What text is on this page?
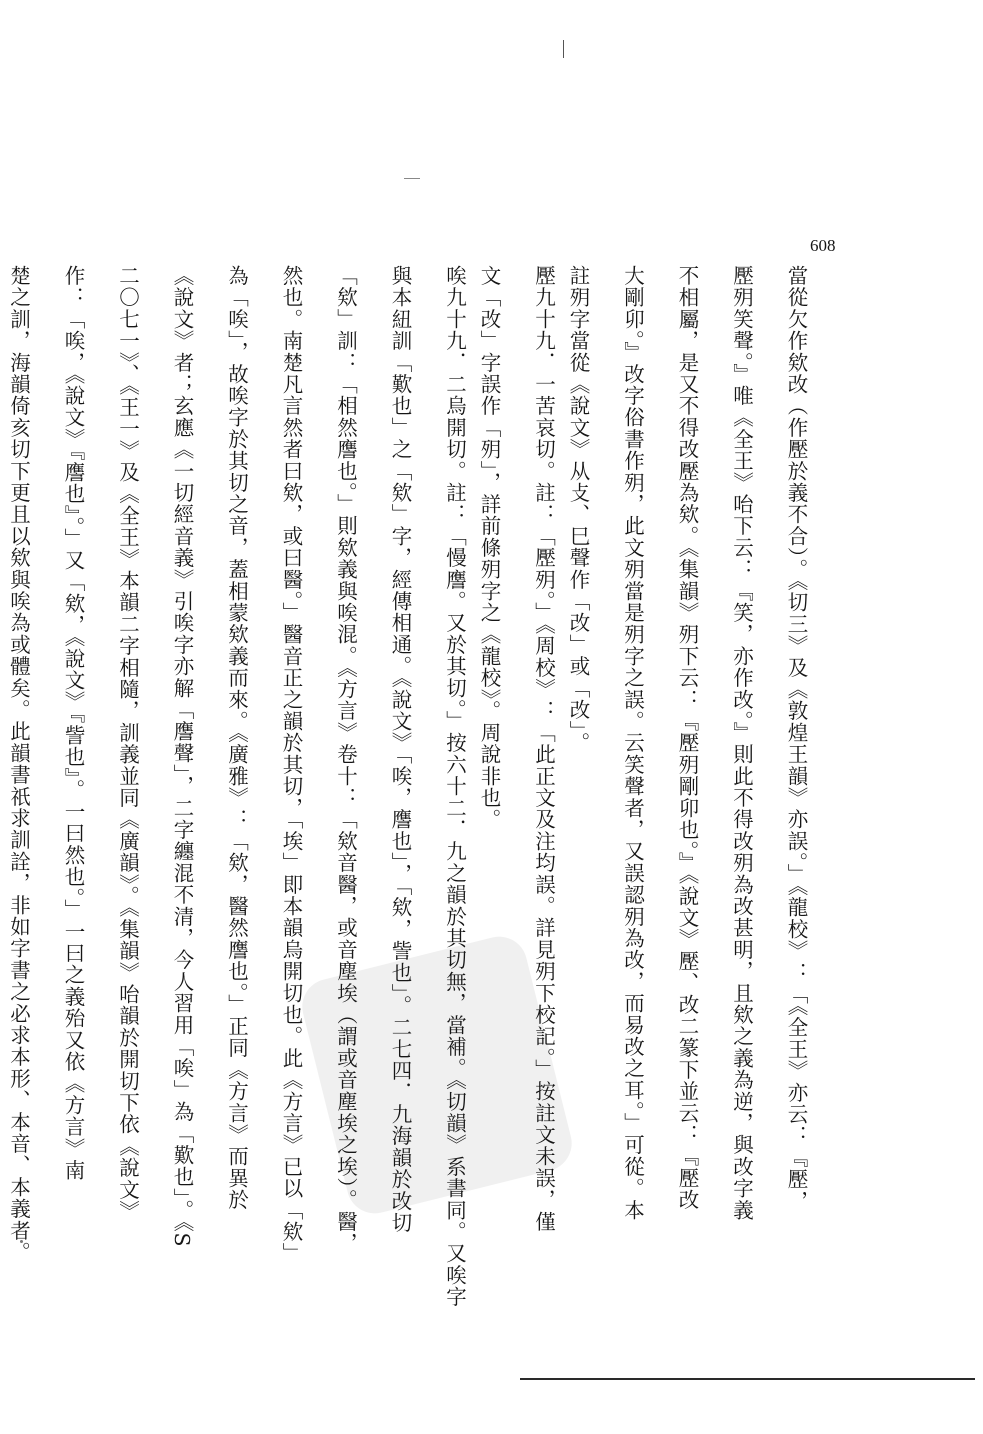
608

當從欠作欸改（作㱘於義不合）。《切三》及《敦煌王韻》亦誤。」《龍校》：「《全王》亦云：『㱘，

㱘㱚笑聲。』唯《全王》咍下云：『笑，亦作改。』則此不得改㱚為改甚明，且欸之義為逆，與改字義

不相屬，是又不得改㱘為欸。《集韻》㱚下云：『㱘㱚剛卯也。』《說文》㱘、改二篆下並云：『㱘改

大剛卯。』改字俗書作㱚，此文㱚當是㱚字之誤。云笑聲者，又誤認㱚為改，而易改之耳。」可從。本

註㱚字當從《說文》从攴、巳聲作「改」或「改」。

㱘九十九．一苦哀切。註：「㱘㱚。」《周校》：「此正文及注均誤。詳見㱚下校記。」按註文未誤，僅

文「改」字誤作「㱚」，詳前條㱚字之《龍校》。周說非也。

唉九十九．二烏開切。註：「慢譍。又於其切。」按六十二．九之韻於其切無，當補。《切韻》系書同。又唉字

與本紐訓「歎也」之「欸」字，經傳相通。《說文》「唉，譍也」，「欸，訾也」。二七四．九海韻於改切

「欸」訓：「相然譍也。」則欸義與唉混。《方言》卷十：「欸音醫，或音塵埃（謂或音塵埃之埃）。醫，

然也。南楚凡言然者曰欸，或曰醫。」醫音正之韻於其切，「埃」即本韻烏開切也。此《方言》已以「欸」

為「唉」，故唉字於其切之音，蓋相蒙欸義而來。《廣雅》：「欸，醫然譍也。」正同《方言》而異於

《說文》者；玄應《一切經音義》引唉字亦解「譍聲」，二字纏混不清，今人習用「唉」為「歎也」。《S

二〇七一》、《王一》及《全王》本韻二字相隨，訓義並同《廣韻》。《集韻》咍韻於開切下依《說文》

作：「唉，《說文》『譍也』。」又「欸，《說文》『訾也』。一曰然也。」一曰之義殆又依《方言》南

楚之訓，海韻倚亥切下更且以欸與唉為或體矣。此韻書祇求訓詮，非如字書之必求本形、本音、本義者。
